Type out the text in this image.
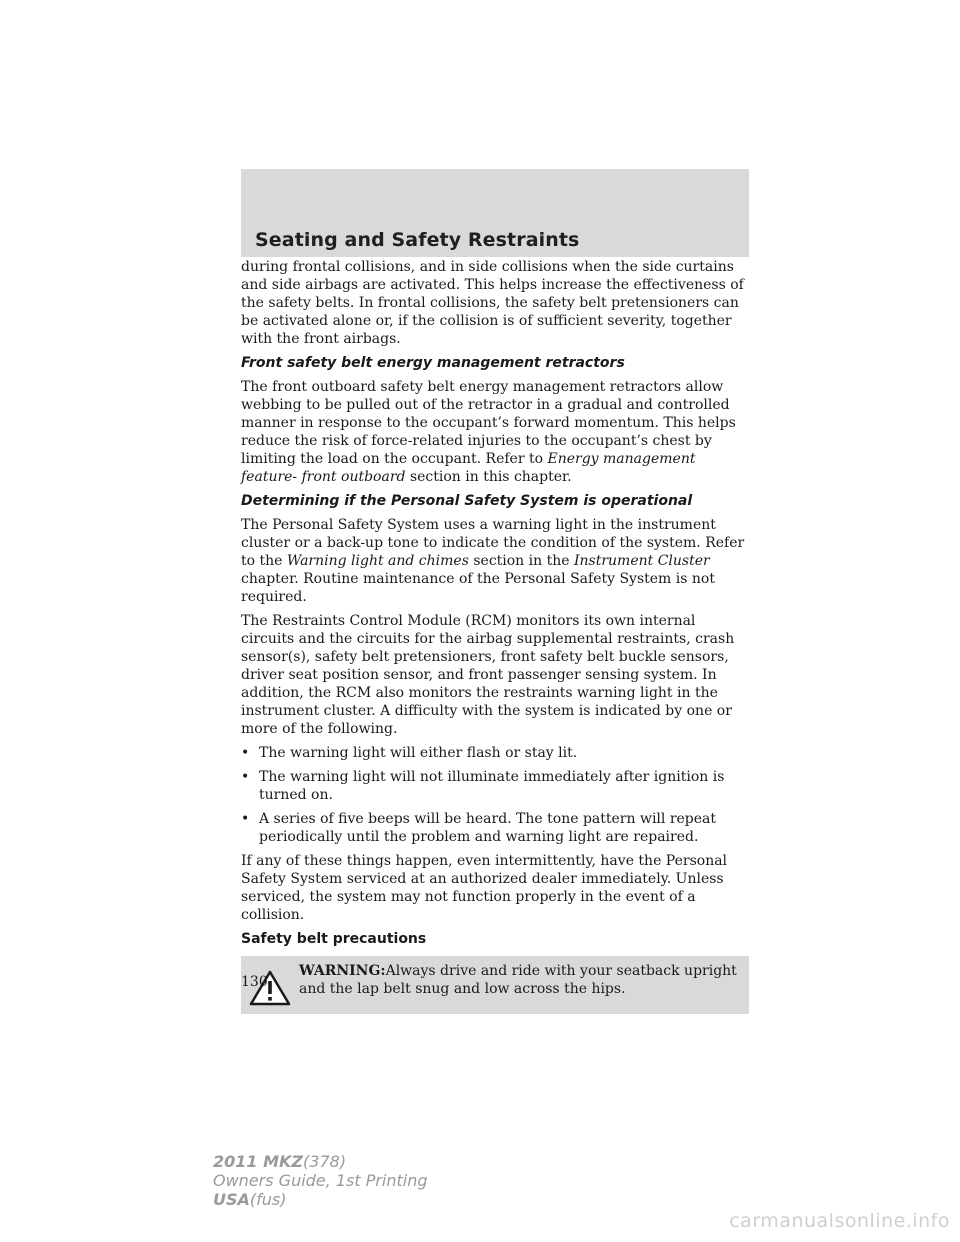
Seating and Safety Restraints

during frontal collisions, and in side collisions when the side curtains and side airbags are activated. This helps increase the effectiveness of the safety belts. In frontal collisions, the safety belt pretensioners can be activated alone or, if the collision is of sufficient severity, together with the front airbags.

Front safety belt energy management retractors

The front outboard safety belt energy management retractors allow webbing to be pulled out of the retractor in a gradual and controlled manner in response to the occupant’s forward momentum. This helps reduce the risk of force-related injuries to the occupant’s chest by limiting the load on the occupant. Refer to Energy management feature- front outboard section in this chapter.

Determining if the Personal Safety System is operational

The Personal Safety System uses a warning light in the instrument cluster or a back-up tone to indicate the condition of the system. Refer to the Warning light and chimes section in the Instrument Cluster chapter. Routine maintenance of the Personal Safety System is not required.

The Restraints Control Module (RCM) monitors its own internal circuits and the circuits for the airbag supplemental restraints, crash sensor(s), safety belt pretensioners, front safety belt buckle sensors, driver seat position sensor, and front passenger sensing system. In addition, the RCM also monitors the restraints warning light in the instrument cluster. A difficulty with the system is indicated by one or more of the following.

• The warning light will either flash or stay lit.
• The warning light will not illuminate immediately after ignition is turned on.
• A series of five beeps will be heard. The tone pattern will repeat periodically until the problem and warning light are repaired.

If any of these things happen, even intermittently, have the Personal Safety System serviced at an authorized dealer immediately. Unless serviced, the system may not function properly in the event of a collision.

Safety belt precautions
WARNING:Always drive and ride with your seatback upright and the lap belt snug and low across the hips.
130
2011 MKZ(378)
Owners Guide, 1st Printing
USA(fus)
carmanualsonline.info
